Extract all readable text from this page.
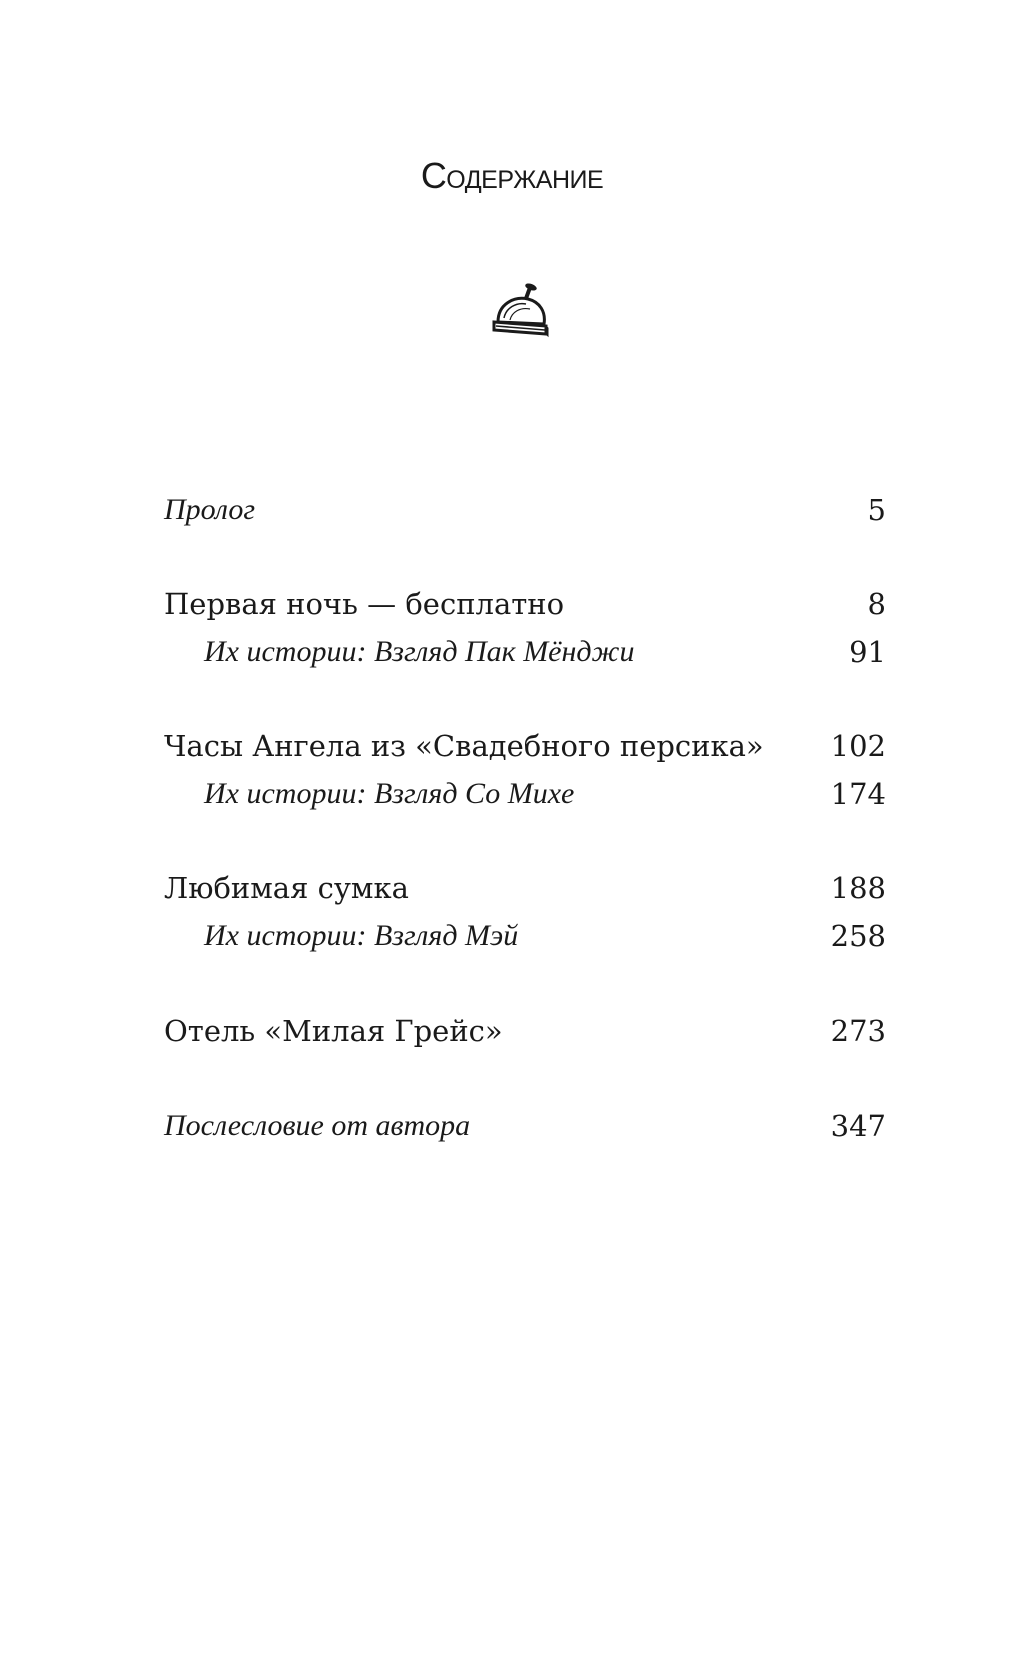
Содержание
Пролог	5
Первая ночь — бесплатно	8
Их истории: Взгляд Пак Мёнджи	91
Часы Ангела из «Свадебного персика» 102
Их истории: Взгляд Со Михе	174
Любимая сумка	188
Их истории: Взгляд Мэй	258
Отель «Милая Грейс»	273
Послесловие от автора	347
